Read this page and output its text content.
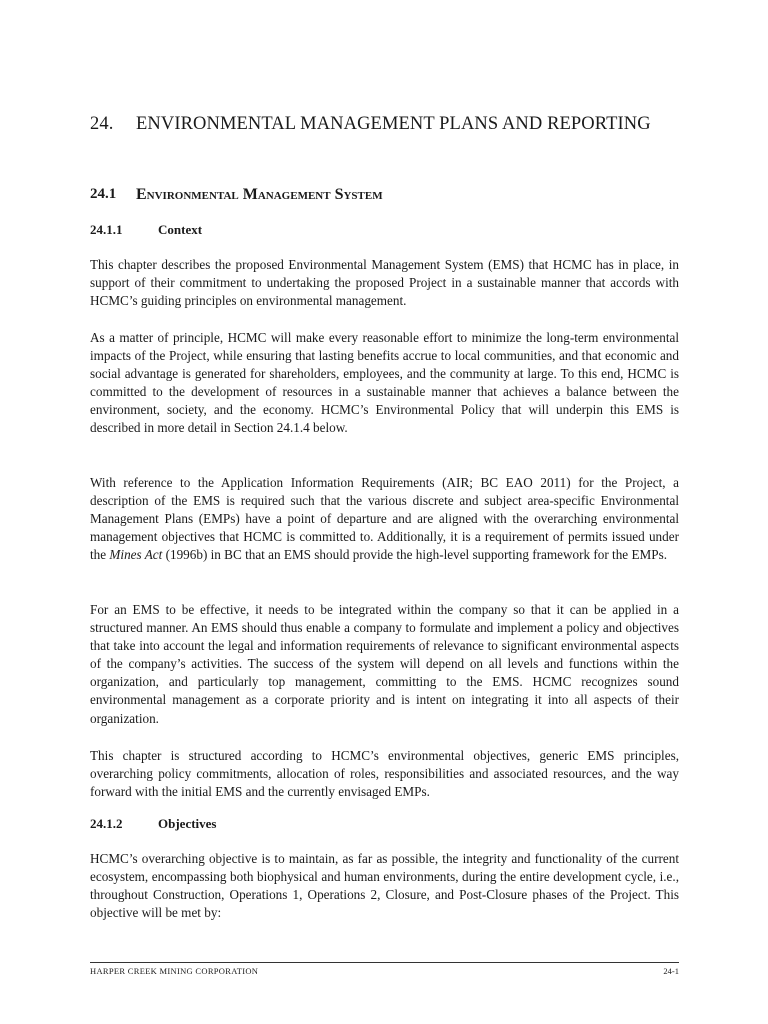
24. ENVIRONMENTAL MANAGEMENT PLANS AND REPORTING
24.1 Environmental Management System
24.1.1	Context

This chapter describes the proposed Environmental Management System (EMS) that HCMC has in place, in support of their commitment to undertaking the proposed Project in a sustainable manner that accords with HCMC’s guiding principles on environmental management.

As a matter of principle, HCMC will make every reasonable effort to minimize the long-term environmental impacts of the Project, while ensuring that lasting benefits accrue to local communities, and that economic and social advantage is generated for shareholders, employees, and the community at large. To this end, HCMC is committed to the development of resources in a sustainable manner that achieves a balance between the environment, society, and the economy. HCMC’s Environmental Policy that will underpin this EMS is described in more detail in Section 24.1.4 below.

With reference to the Application Information Requirements (AIR; BC EAO 2011) for the Project, a description of the EMS is required such that the various discrete and subject area-specific Environmental Management Plans (EMPs) have a point of departure and are aligned with the overarching environmental management objectives that HCMC is committed to. Additionally, it is a requirement of permits issued under the Mines Act (1996b) in BC that an EMS should provide the high-level supporting framework for the EMPs.

For an EMS to be effective, it needs to be integrated within the company so that it can be applied in a structured manner. An EMS should thus enable a company to formulate and implement a policy and objectives that take into account the legal and information requirements of relevance to significant environmental aspects of the company’s activities. The success of the system will depend on all levels and functions within the organization, and particularly top management, committing to the EMS. HCMC recognizes sound environmental management as a corporate priority and is intent on integrating it into all aspects of their organization.

This chapter is structured according to HCMC’s environmental objectives, generic EMS principles, overarching policy commitments, allocation of roles, responsibilities and associated resources, and the way forward with the initial EMS and the currently envisaged EMPs.

24.1.2	Objectives

HCMC’s overarching objective is to maintain, as far as possible, the integrity and functionality of the current ecosystem, encompassing both biophysical and human environments, during the entire development cycle, i.e., throughout Construction, Operations 1, Operations 2, Closure, and Post-Closure phases of the Project. This objective will be met by:

HARPER CREEK MINING CORPORATION	24-1
